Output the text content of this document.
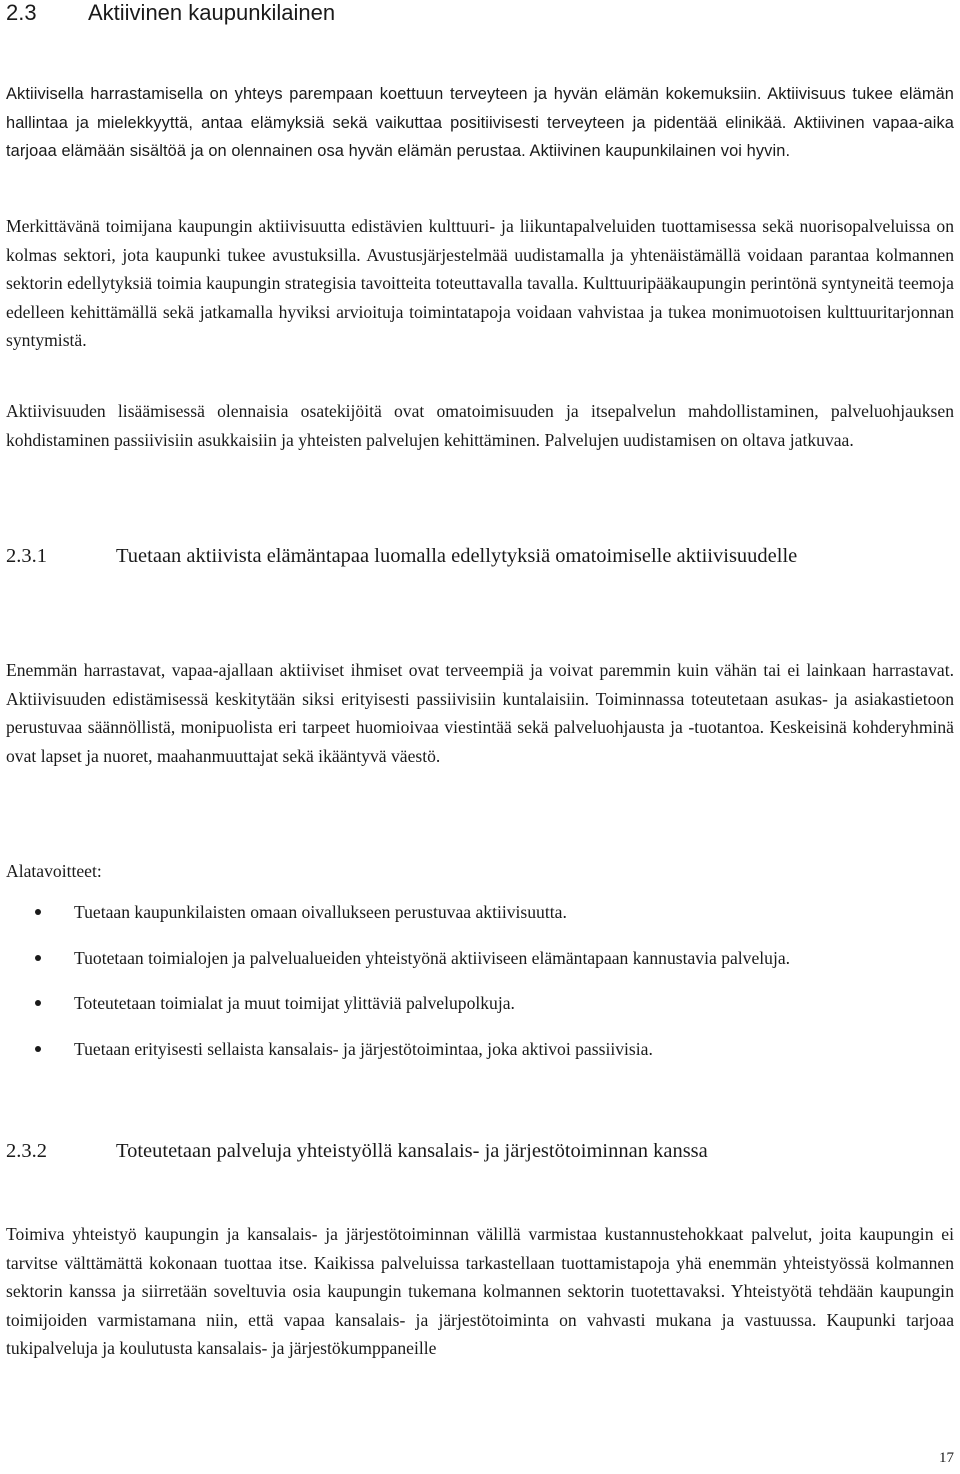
2.3 Aktiivinen kaupunkilainen

Aktiivisella harrastamisella on yhteys parempaan koettuun terveyteen ja hyvän elämän kokemuksiin. Aktiivisuus tukee elämän hallintaa ja mielekkyyttä, antaa elämyksiä sekä vaikuttaa positiivisesti terveyteen ja pidentää elinikää. Aktiivinen vapaa-aika tarjoaa elämään sisältöä ja on olennainen osa hyvän elämän perustaa. Aktiivinen kaupunkilainen voi hyvin.

Merkittävänä toimijana kaupungin aktiivisuutta edistävien kulttuuri- ja liikuntapalveluiden tuottamisessa sekä nuorisopalveluissa on kolmas sektori, jota kaupunki tukee avustuksilla. Avustusjärjestelmää uudistamalla ja yhtenäistämällä voidaan parantaa kolmannen sektorin edellytyksiä toimia kaupungin strategisia tavoitteita toteuttavalla tavalla. Kulttuuripääkaupungin perintönä syntyneitä teemoja edelleen kehittämällä sekä jatkamalla hyviksi arvioituja toimintatapoja voidaan vahvistaa ja tukea monimuotoisen kulttuuritarjonnan syntymistä.

Aktiivisuuden lisäämisessä olennaisia osatekijöitä ovat omatoimisuuden ja itsepalvelun mahdollistaminen, palveluohjauksen kohdistaminen passiivisiin asukkaisiin ja yhteisten palvelujen kehittäminen. Palvelujen uudistamisen on oltava jatkuvaa.

2.3.1	Tuetaan aktiivista elämäntapaa luomalla edellytyksiä omatoimiselle aktiivisuudelle

Enemmän harrastavat, vapaa-ajallaan aktiiviset ihmiset ovat terveempiä ja voivat paremmin kuin vähän tai ei lainkaan harrastavat. Aktiivisuuden edistämisessä keskitytään siksi erityisesti passiivisiin kuntalaisiin. Toiminnassa toteutetaan asukas- ja asiakastietoon perustuvaa säännöllistä, monipuolista eri tarpeet huomioivaa viestintää sekä palveluohjausta ja -tuotantoa. Keskeisinä kohderyhminä ovat lapset ja nuoret, maahanmuuttajat sekä ikääntyvä väestö.

Alatavoitteet:

Tuetaan kaupunkilaisten omaan oivallukseen perustuvaa aktiivisuutta.
Tuotetaan toimialojen ja palvelualueiden yhteistyönä aktiiviseen elämäntapaan kannustavia palveluja.
Toteutetaan toimialat ja muut toimijat ylittäviä palvelupolkuja.
Tuetaan erityisesti sellaista kansalais- ja järjestötoimintaa, joka aktivoi passiivisia.
2.3.2	Toteutetaan palveluja yhteistyöllä kansalais- ja järjestötoiminnan kanssa

Toimiva yhteistyö kaupungin ja kansalais- ja järjestötoiminnan välillä varmistaa kustannustehokkaat palvelut, joita kaupungin ei tarvitse välttämättä kokonaan tuottaa itse. Kaikissa palveluissa tarkastellaan tuottamistapoja yhä enemmän yhteistyössä kolmannen sektorin kanssa ja siirretään soveltuvia osia kaupungin tukemana kolmannen sektorin tuotettavaksi. Yhteistyötä tehdään kaupungin toimijoiden varmistamana niin, että vapaa kansalais- ja järjestötoiminta on vahvasti mukana ja vastuussa. Kaupunki tarjoaa tukipalveluja ja koulutusta kansalais- ja järjestökumppaneille

17
